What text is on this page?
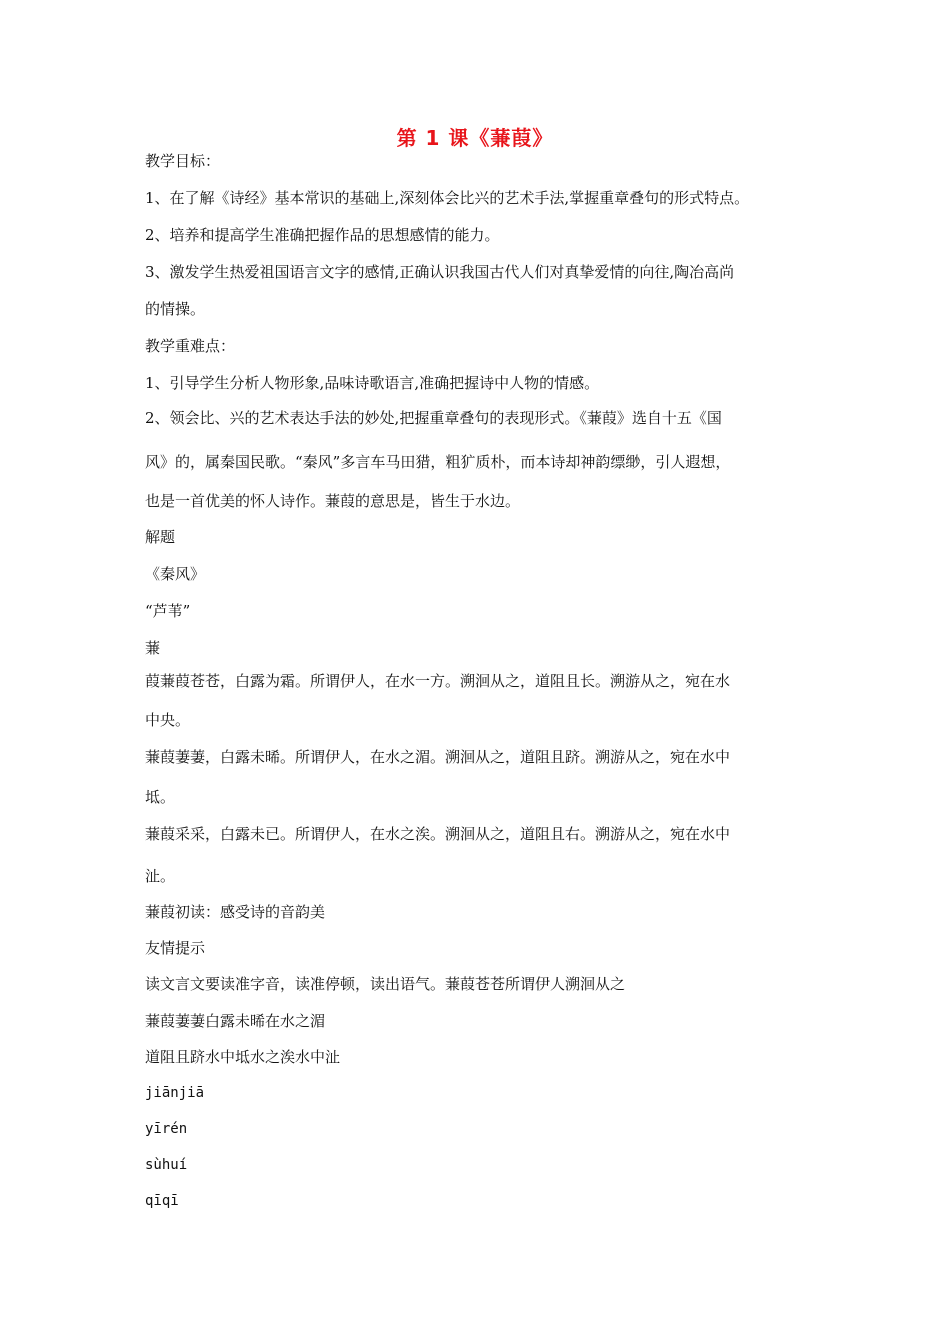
第 1 课《蒹葭》
教学目标：
1、在了解《诗经》基本常识的基础上,深刻体会比兴的艺术手法,掌握重章叠句的形式特点。
2、培养和提高学生准确把握作品的思想感情的能力。
3、激发学生热爱祖国语言文字的感情,正确认识我国古代人们对真挚爱情的向往,陶冶高尚
的情操。
教学重难点：
1、引导学生分析人物形象,品味诗歌语言,准确把握诗中人物的情感。
2、领会比、兴的艺术表达手法的妙处,把握重章叠句的表现形式。《蒹葭》选自十五《国
风》的，属秦国民歌。“秦风”多言车马田猎，粗犷质朴，而本诗却神韵缥缈，引人遐想，
也是一首优美的怀人诗作。蒹葭的意思是，皆生于水边。
解题
《秦风》
“芦苇”
蒹
葭蒹葭苍苍，白露为霜。所谓伊人，在水一方。溯洄从之，道阻且长。溯游从之，宛在水
中央。
蒹葭萋萋，白露未晞。所谓伊人，在水之湄。溯洄从之，道阻且跻。溯游从之，宛在水中
坻。
蒹葭采采，白露未已。所谓伊人，在水之涘。溯洄从之，道阻且右。溯游从之，宛在水中
沚。
蒹葭初读：感受诗的音韵美
友情提示
读文言文要读准字音，读准停顿，读出语气。蒹葭苍苍所谓伊人溯洄从之
蒹葭萋萋白露未晞在水之湄
道阻且跻水中坻水之涘水中沚
jiānjiā
yīrén
sùhuí
qīqī
